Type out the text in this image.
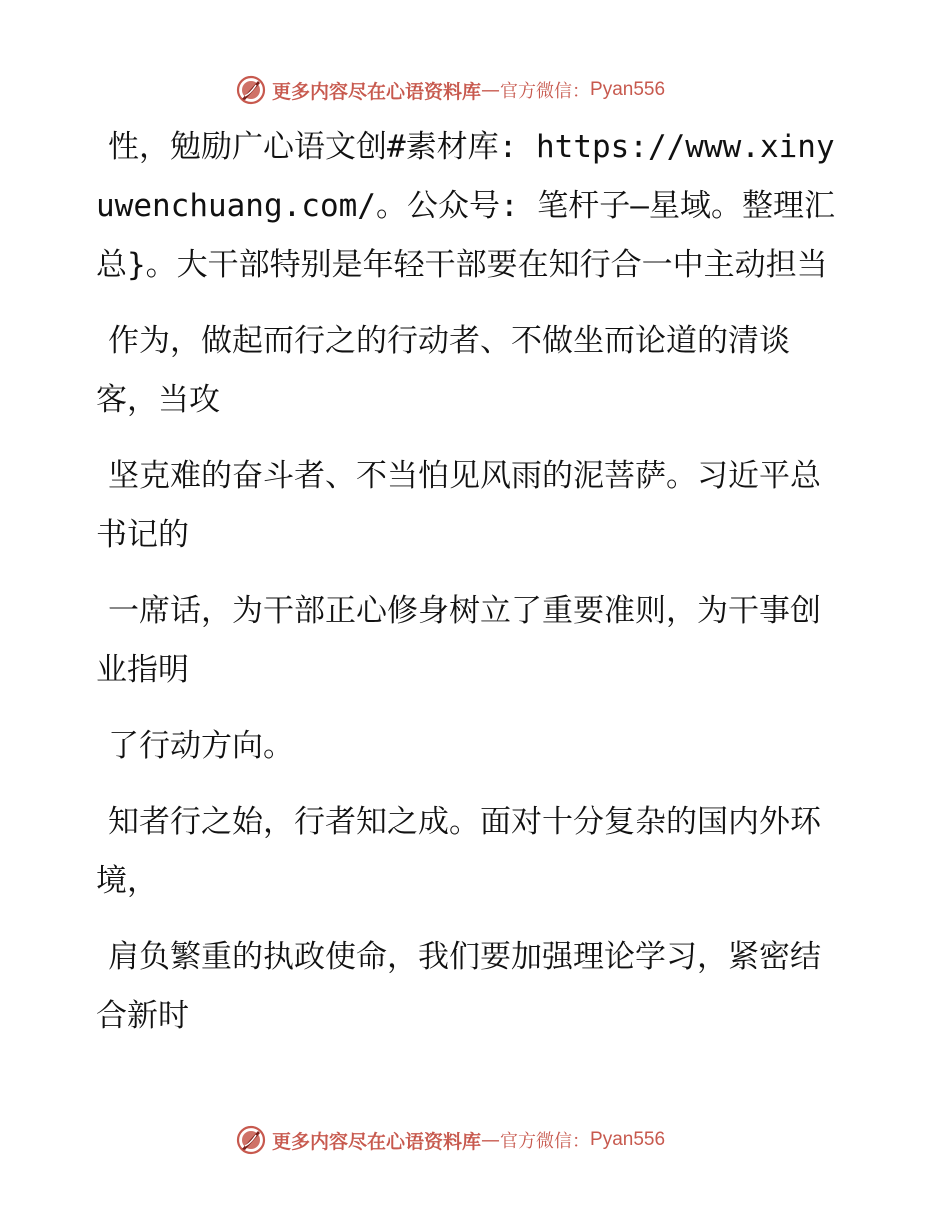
更多内容尽在心语资料库 — 官方微信： Pyan556

性，勉励广心语文创#素材库: https://www.xinyuwenchuang.com/。公众号: 笔杆子—星域。整理汇总}。大干部特别是年轻干部要在知行合一中主动担当

作为，做起而行之的行动者、不做坐而论道的清谈客，当攻

坚克难的奋斗者、不当怕见风雨的泥菩萨。习近平总书记的

一席话，为干部正心修身树立了重要准则，为干事创业指明

了行动方向。

知者行之始，行者知之成。面对十分复杂的国内外环境，

肩负繁重的执政使命，我们要加强理论学习，紧密结合新时

更多内容尽在心语资料库 — 官方微信： Pyan556
